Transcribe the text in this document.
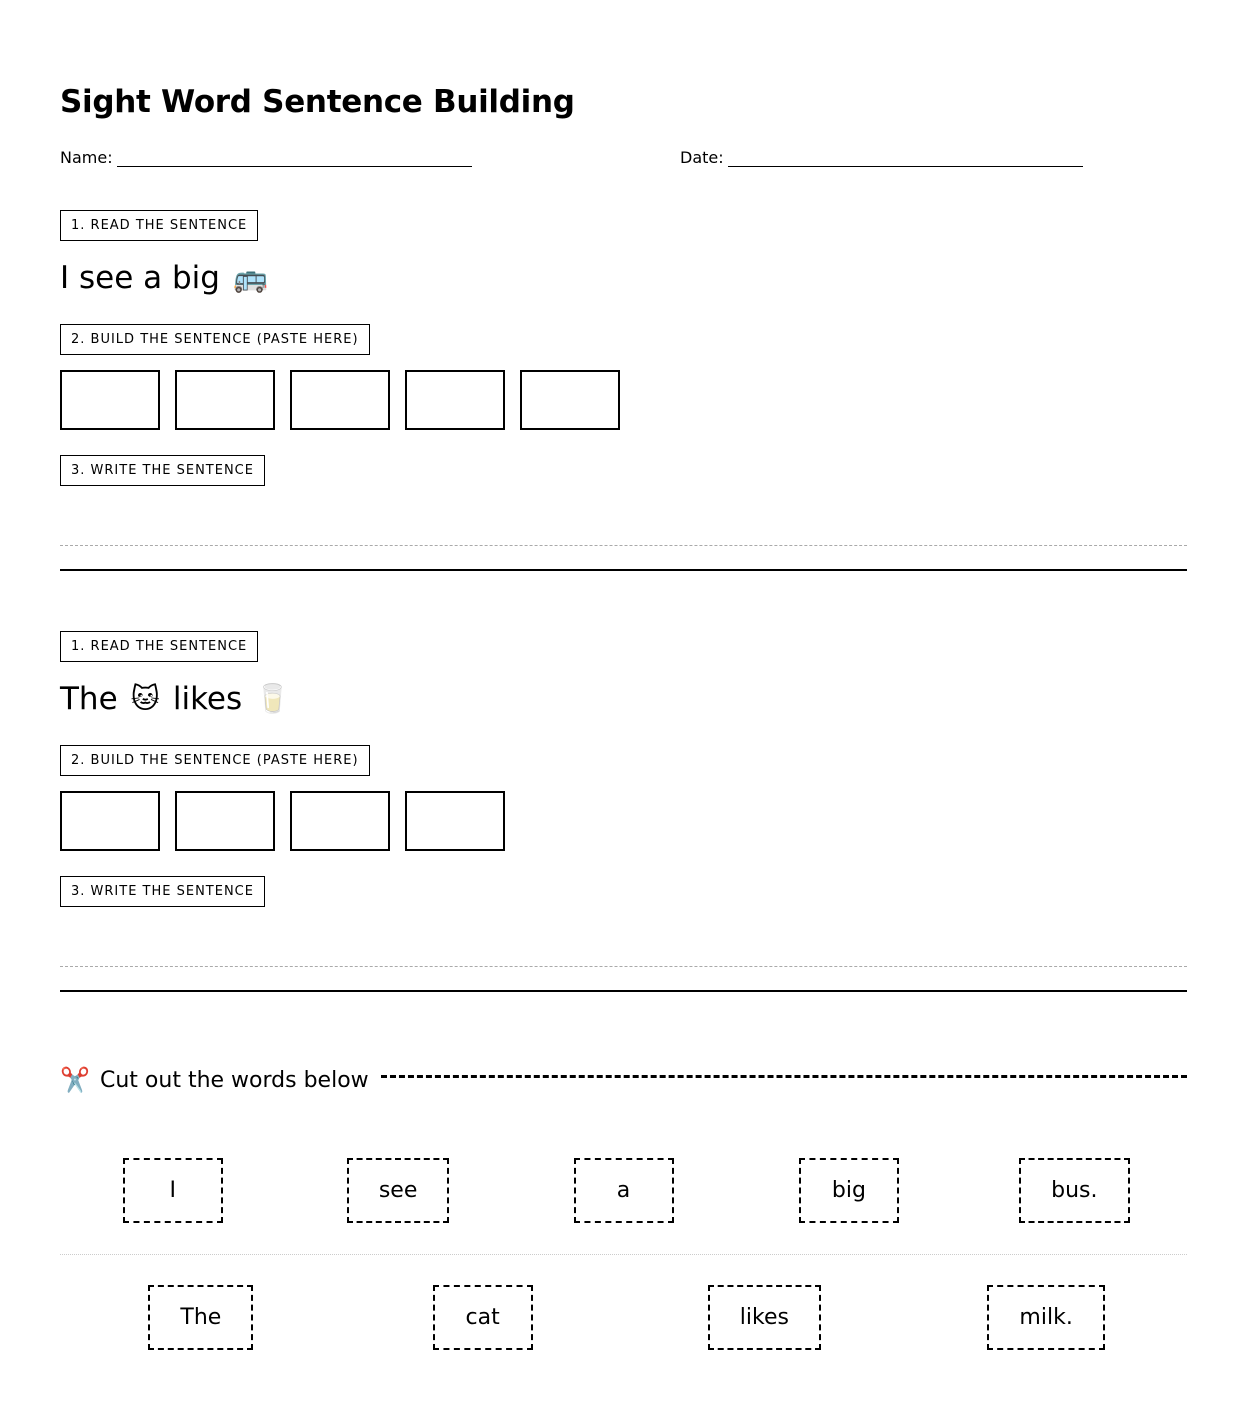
Sight Word Sentence Building
Name:	Date:
1. READ THE SENTENCE
I see a big 🚌
2. BUILD THE SENTENCE (PASTE HERE)
3. WRITE THE SENTENCE
1. READ THE SENTENCE
The 🐱 likes 🥛
2. BUILD THE SENTENCE (PASTE HERE)
3. WRITE THE SENTENCE
✂️ Cut out the words below
I	see	a	big	bus.
The	cat	likes	milk.
